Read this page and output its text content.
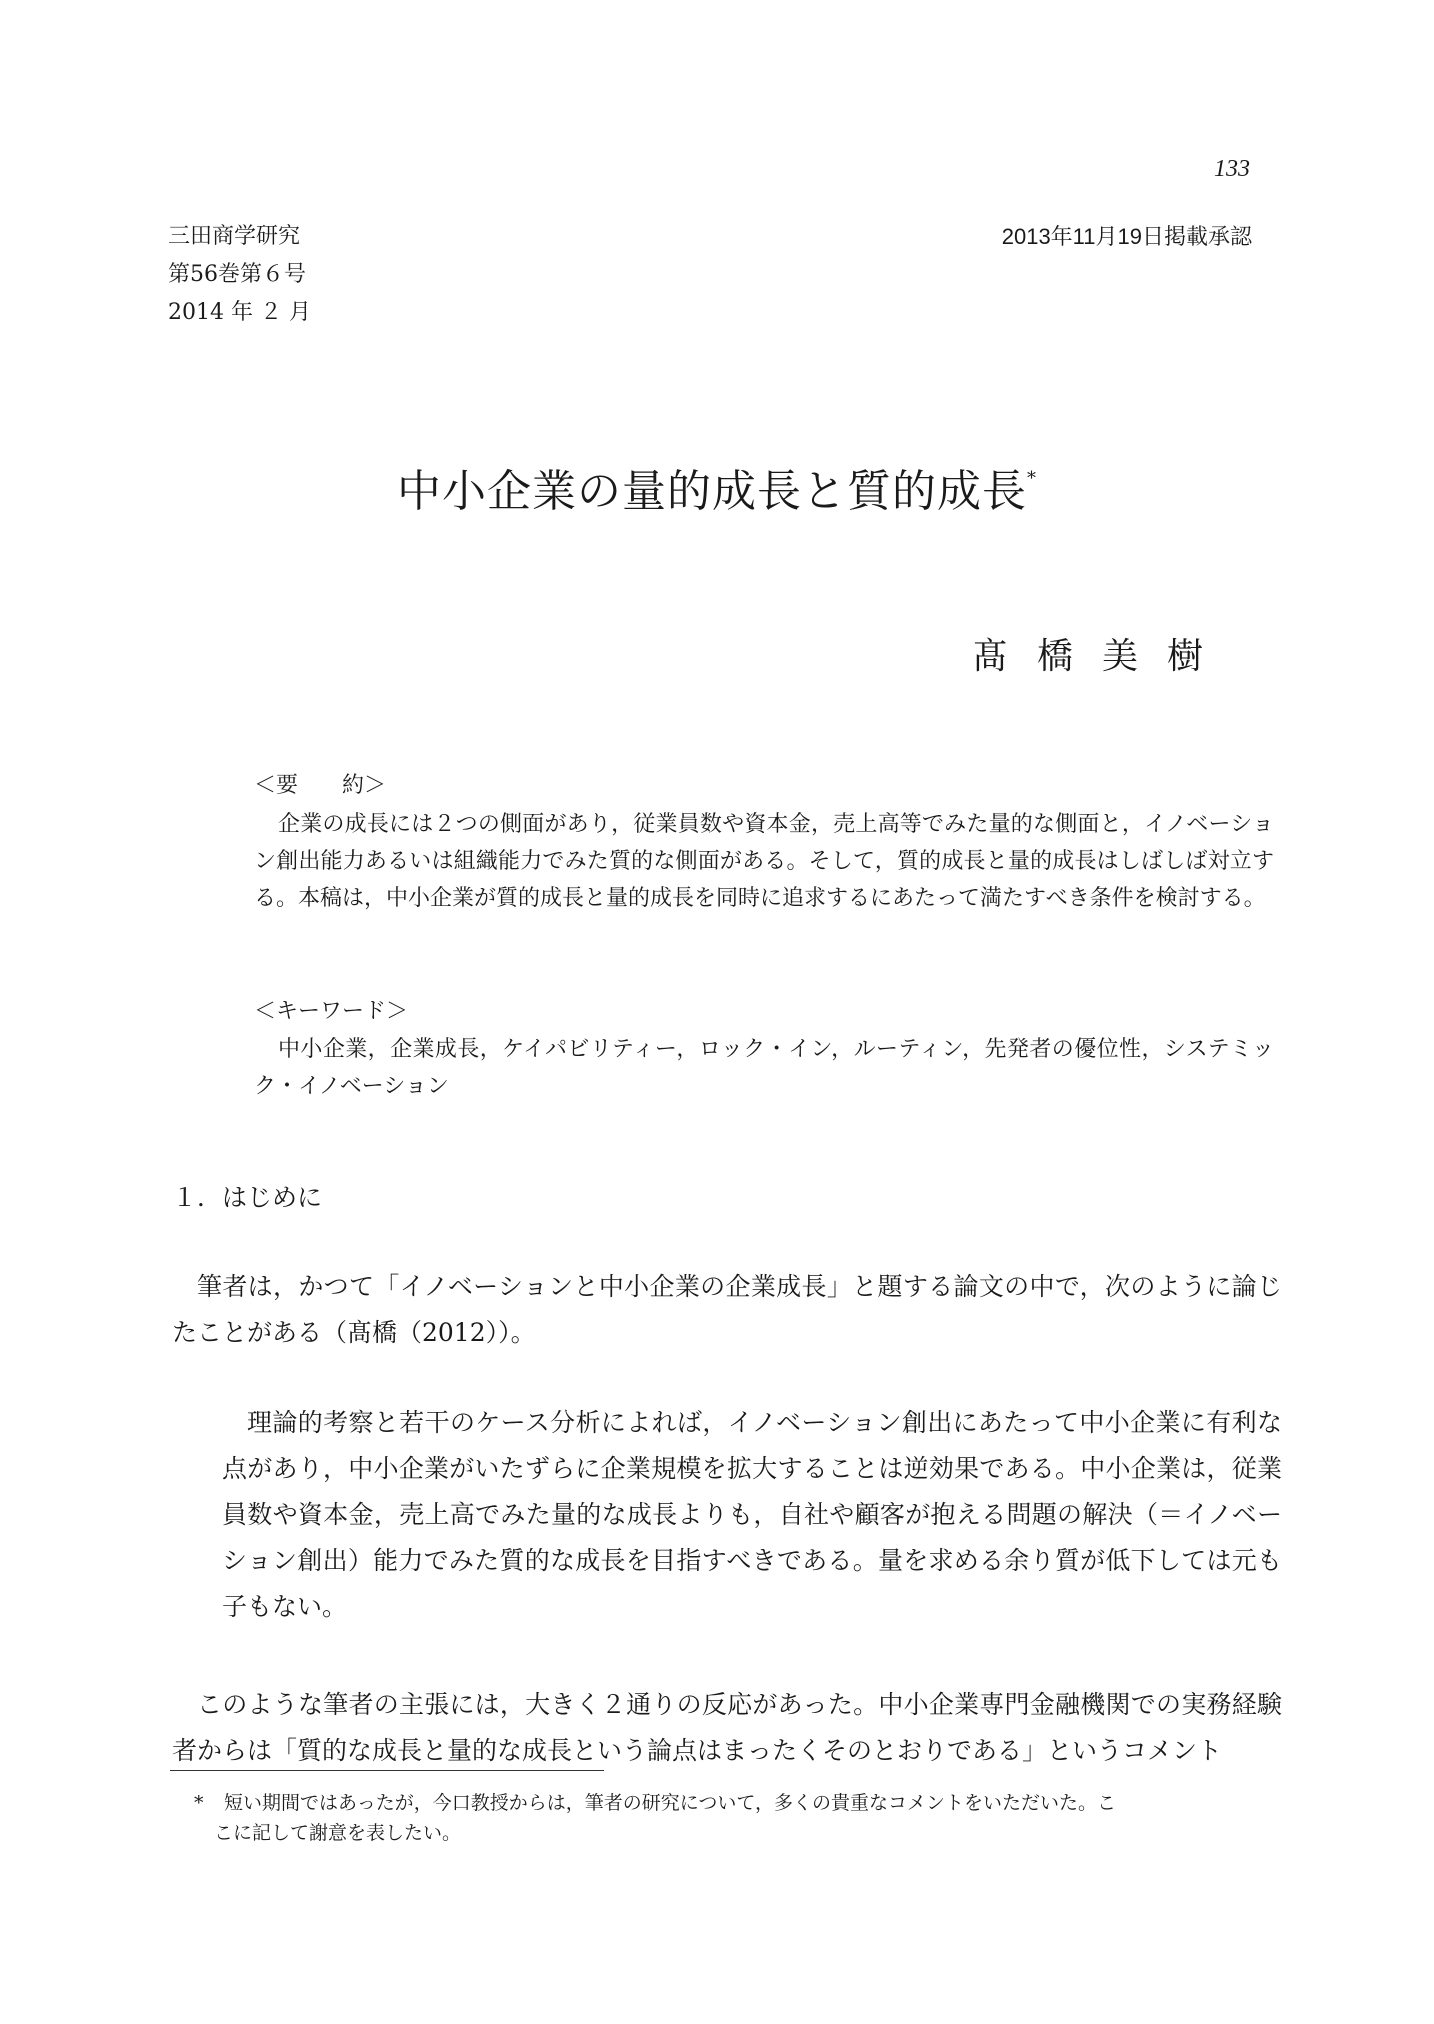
133
三田商学研究
第56巻第６号
2014 年 ２ 月
2013年11月19日掲載承認
中小企業の量的成長と質的成長*
髙橋美樹
＜要　　約＞

企業の成長には２つの側面があり，従業員数や資本金，売上高等でみた量的な側面と，イノベーション創出能力あるいは組織能力でみた質的な側面がある。そして，質的成長と量的成長はしばしば対立する。本稿は，中小企業が質的成長と量的成長を同時に追求するにあたって満たすべき条件を検討する。

＜キーワード＞

中小企業，企業成長，ケイパビリティー，ロック・イン，ルーティン，先発者の優位性，システミック・イノベーション

１．はじめに

筆者は，かつて「イノベーションと中小企業の企業成長」と題する論文の中で，次のように論じたことがある（髙橋（2012））。

理論的考察と若干のケース分析によれば，イノベーション創出にあたって中小企業に有利な点があり，中小企業がいたずらに企業規模を拡大することは逆効果である。中小企業は，従業員数や資本金，売上高でみた量的な成長よりも，自社や顧客が抱える問題の解決（＝イノベーション創出）能力でみた質的な成長を目指すべきである。量を求める余り質が低下しては元も子もない。

このような筆者の主張には，大きく２通りの反応があった。中小企業専門金融機関での実務経験者からは「質的な成長と量的な成長という論点はまったくそのとおりである」というコメント

* 短い期間ではあったが，今口教授からは，筆者の研究について，多くの貴重なコメントをいただいた。こ
こに記して謝意を表したい。
